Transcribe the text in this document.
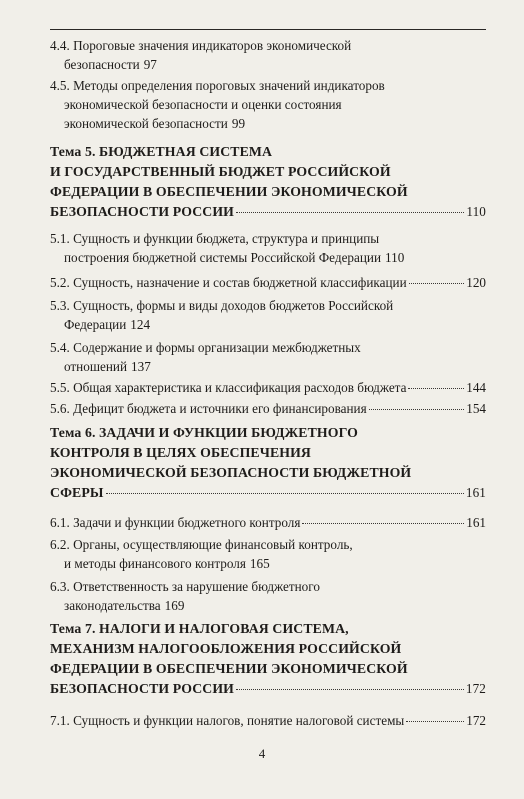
4.4. Пороговые значения индикаторов экономической
безопасности 97
4.5. Методы определения пороговых значений индикаторов
экономической безопасности и оценки состояния
экономической безопасности 99
Тема 5. БЮДЖЕТНАЯ СИСТЕМА
И ГОСУДАРСТВЕННЫЙ БЮДЖЕТ РОССИЙСКОЙ
ФЕДЕРАЦИИ В ОБЕСПЕЧЕНИИ ЭКОНОМИЧЕСКОЙ
БЕЗОПАСНОСТИ РОССИИ	110
5.1. Сущность и функции бюджета, структура и принципы
построения бюджетной системы Российской Федерации 110
5.2. Сущность, назначение и состав бюджетной классификации	120
5.3. Сущность, формы и виды доходов бюджетов Российской
Федерации 124
5.4. Содержание и формы организации межбюджетных
отношений 137
5.5. Общая характеристика и классификация расходов бюджета	144
5.6. Дефицит бюджета и источники его финансирования	154
Тема 6. ЗАДАЧИ И ФУНКЦИИ БЮДЖЕТНОГО
КОНТРОЛЯ В ЦЕЛЯХ ОБЕСПЕЧЕНИЯ
ЭКОНОМИЧЕСКОЙ БЕЗОПАСНОСТИ БЮДЖЕТНОЙ
СФЕРЫ	161
6.1. Задачи и функции бюджетного контроля	161
6.2. Органы, осуществляющие финансовый контроль,
и методы финансового контроля 165
6.3. Ответственность за нарушение бюджетного
законодательства 169
Тема 7. НАЛОГИ И НАЛОГОВАЯ СИСТЕМА,
МЕХАНИЗМ НАЛОГООБЛОЖЕНИЯ РОССИЙСКОЙ
ФЕДЕРАЦИИ В ОБЕСПЕЧЕНИИ ЭКОНОМИЧЕСКОЙ
БЕЗОПАСНОСТИ РОССИИ	172
7.1. Сущность и функции налогов, понятие налоговой системы	172
4
